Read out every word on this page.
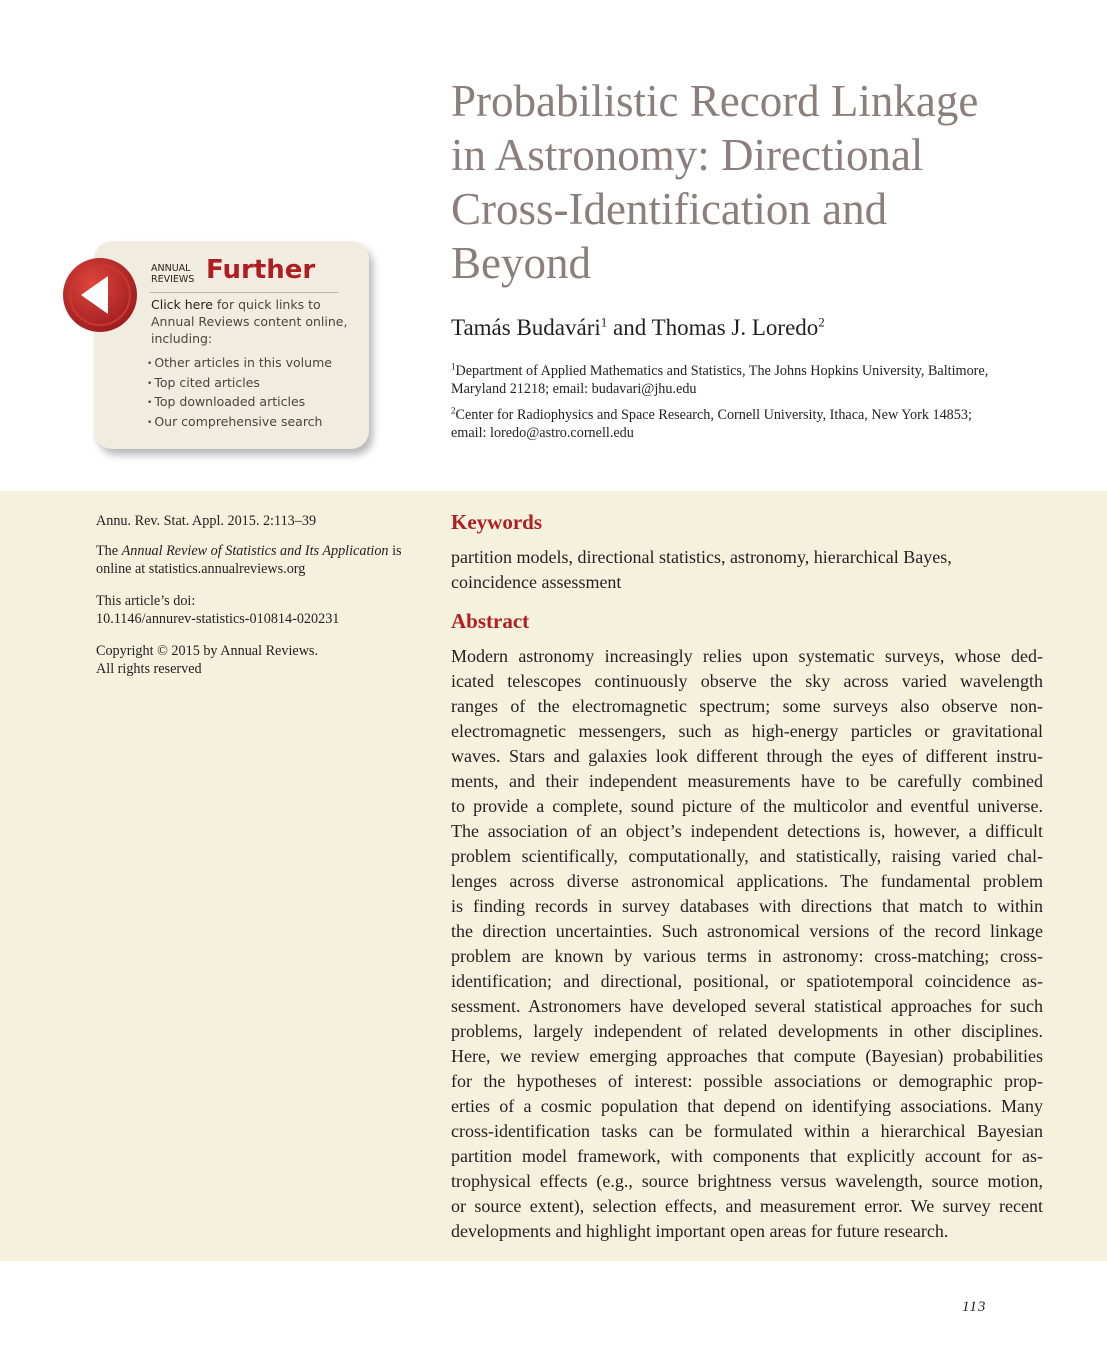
Probabilistic Record Linkage
in Astronomy: Directional
Cross-Identification and
Beyond
Tamás Budavári$^1$ and Thomas J. Loredo$^2$
$^1$Department of Applied Mathematics and Statistics, The Johns Hopkins University, Baltimore,
Maryland 21218; email: budavari@jhu.edu
$^2$Center for Radiophysics and Space Research, Cornell University, Ithaca, New York 14853;
email: loredo@astro.cornell.edu
ANNUAL
REVIEWS Further
Click here for quick links to Annual Reviews content online, including:
• Other articles in this volume
• Top cited articles
• Top downloaded articles
• Our comprehensive search
Annu. Rev. Stat. Appl. 2015. 2:113–39
The Annual Review of Statistics and Its Application is
online at statistics.annualreviews.org
This article’s doi:
10.1146/annurev-statistics-010814-020231
Copyright © 2015 by Annual Reviews.
All rights reserved
Keywords
partition models, directional statistics, astronomy, hierarchical Bayes,
coincidence assessment
Abstract
Modern astronomy increasingly relies upon systematic surveys, whose ded-
icated telescopes continuously observe the sky across varied wavelength
ranges of the electromagnetic spectrum; some surveys also observe non-
electromagnetic messengers, such as high-energy particles or gravitational
waves. Stars and galaxies look different through the eyes of different instru-
ments, and their independent measurements have to be carefully combined
to provide a complete, sound picture of the multicolor and eventful universe.
The association of an object’s independent detections is, however, a difficult
problem scientifically, computationally, and statistically, raising varied chal-
lenges across diverse astronomical applications. The fundamental problem
is finding records in survey databases with directions that match to within
the direction uncertainties. Such astronomical versions of the record linkage
problem are known by various terms in astronomy: cross-matching; cross-
identification; and directional, positional, or spatiotemporal coincidence as-
sessment. Astronomers have developed several statistical approaches for such
problems, largely independent of related developments in other disciplines.
Here, we review emerging approaches that compute (Bayesian) probabilities
for the hypotheses of interest: possible associations or demographic prop-
erties of a cosmic population that depend on identifying associations. Many
cross-identification tasks can be formulated within a hierarchical Bayesian
partition model framework, with components that explicitly account for as-
trophysical effects (e.g., source brightness versus wavelength, source motion,
or source extent), selection effects, and measurement error. We survey recent
developments and highlight important open areas for future research.
113
